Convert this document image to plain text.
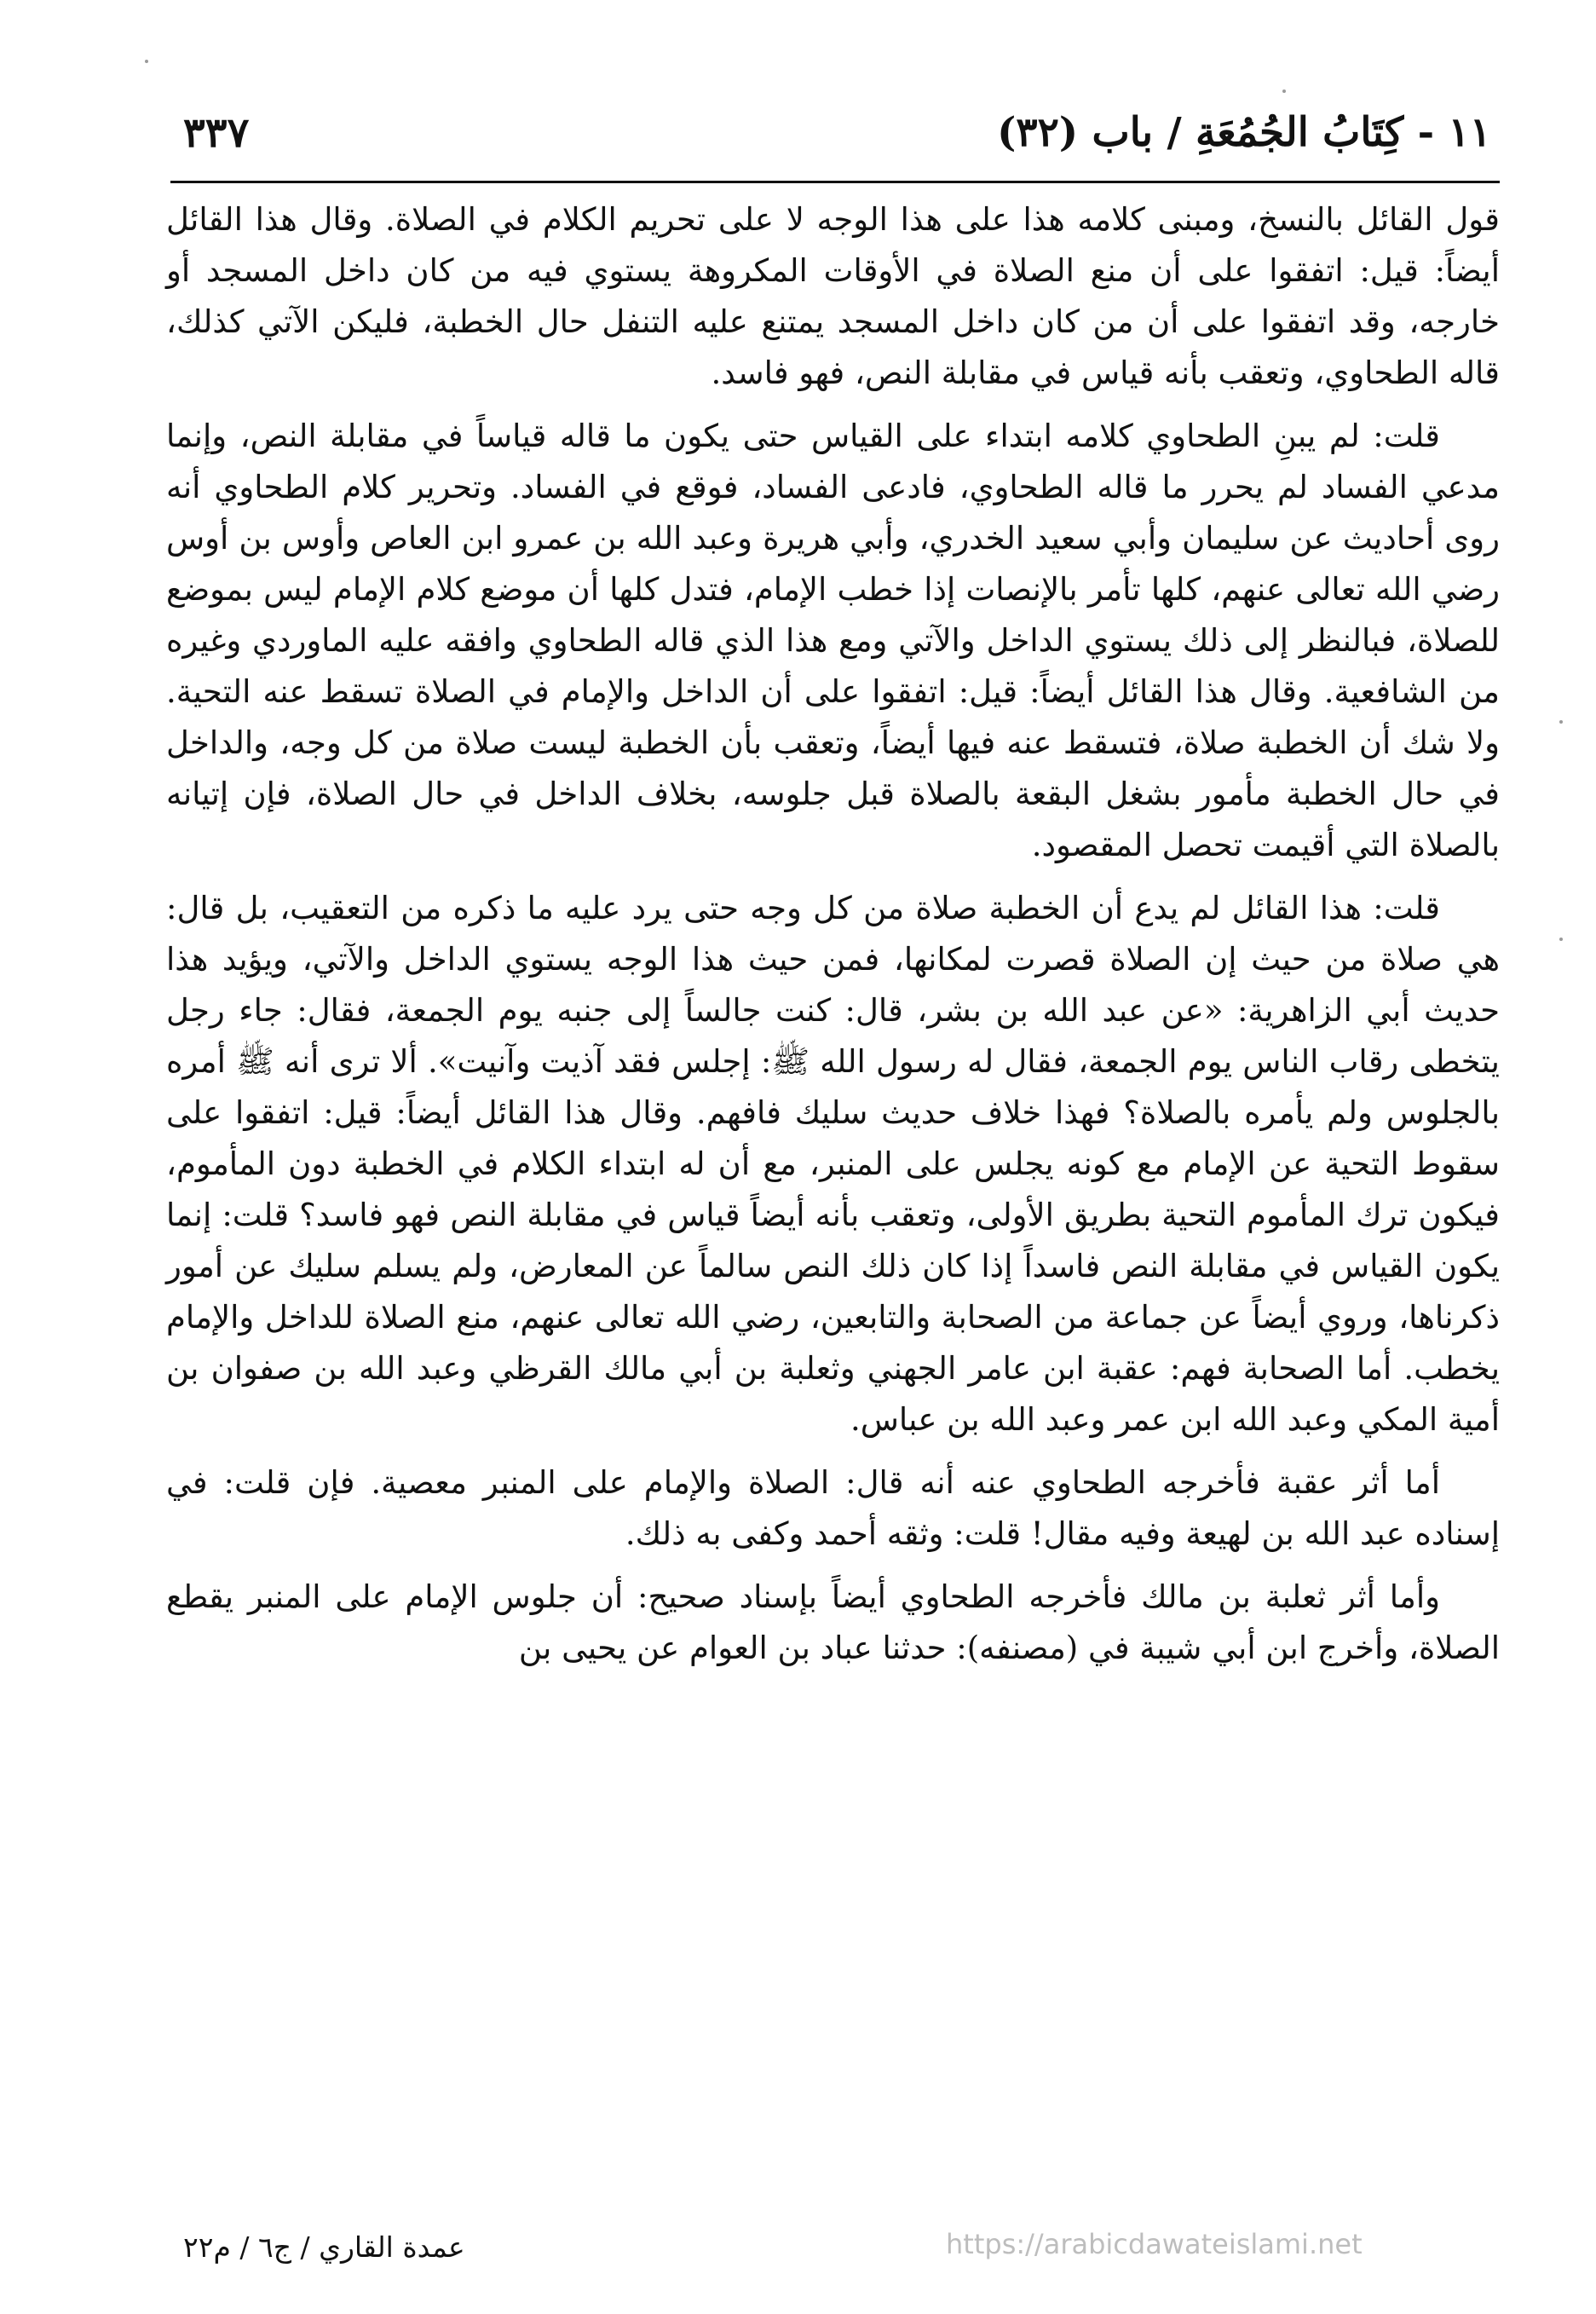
١١ - كِتَابُ الجُمُعَةِ / باب (٣٢)
٣٣٧

قول القائل بالنسخ، ومبنى كلامه هذا على هذا الوجه لا على تحريم الكلام في الصلاة. وقال هذا القائل أيضاً: قيل: اتفقوا على أن منع الصلاة في الأوقات المكروهة يستوي فيه من كان داخل المسجد أو خارجه، وقد اتفقوا على أن من كان داخل المسجد يمتنع عليه التنفل حال الخطبة، فليكن الآتي كذلك، قاله الطحاوي، وتعقب بأنه قياس في مقابلة النص، فهو فاسد.

قلت: لم يبنِ الطحاوي كلامه ابتداء على القياس حتى يكون ما قاله قياساً في مقابلة النص، وإنما مدعي الفساد لم يحرر ما قاله الطحاوي، فادعى الفساد، فوقع في الفساد. وتحرير كلام الطحاوي أنه روى أحاديث عن سليمان وأبي سعيد الخدري، وأبي هريرة وعبد الله بن عمرو ابن العاص وأوس بن أوس رضي الله تعالى عنهم، كلها تأمر بالإنصات إذا خطب الإمام، فتدل كلها أن موضع كلام الإمام ليس بموضع للصلاة، فبالنظر إلى ذلك يستوي الداخل والآتي ومع هذا الذي قاله الطحاوي وافقه عليه الماوردي وغيره من الشافعية. وقال هذا القائل أيضاً: قيل: اتفقوا على أن الداخل والإمام في الصلاة تسقط عنه التحية. ولا شك أن الخطبة صلاة، فتسقط عنه فيها أيضاً، وتعقب بأن الخطبة ليست صلاة من كل وجه، والداخل في حال الخطبة مأمور بشغل البقعة بالصلاة قبل جلوسه، بخلاف الداخل في حال الصلاة، فإن إتيانه بالصلاة التي أقيمت تحصل المقصود.

قلت: هذا القائل لم يدع أن الخطبة صلاة من كل وجه حتى يرد عليه ما ذكره من التعقيب، بل قال: هي صلاة من حيث إن الصلاة قصرت لمكانها، فمن حيث هذا الوجه يستوي الداخل والآتي، ويؤيد هذا حديث أبي الزاهرية: «عن عبد الله بن بشر، قال: كنت جالساً إلى جنبه يوم الجمعة، فقال: جاء رجل يتخطى رقاب الناس يوم الجمعة، فقال له رسول الله ﷺ: إجلس فقد آذيت وآنيت». ألا ترى أنه ﷺ أمره بالجلوس ولم يأمره بالصلاة؟ فهذا خلاف حديث سليك فافهم. وقال هذا القائل أيضاً: قيل: اتفقوا على سقوط التحية عن الإمام مع كونه يجلس على المنبر، مع أن له ابتداء الكلام في الخطبة دون المأموم، فيكون ترك المأموم التحية بطريق الأولى، وتعقب بأنه أيضاً قياس في مقابلة النص فهو فاسد؟ قلت: إنما يكون القياس في مقابلة النص فاسداً إذا كان ذلك النص سالماً عن المعارض، ولم يسلم سليك عن أمور ذكرناها، وروي أيضاً عن جماعة من الصحابة والتابعين، رضي الله تعالى عنهم، منع الصلاة للداخل والإمام يخطب. أما الصحابة فهم: عقبة ابن عامر الجهني وثعلبة بن أبي مالك القرظي وعبد الله بن صفوان بن أمية المكي وعبد الله ابن عمر وعبد الله بن عباس.

أما أثر عقبة فأخرجه الطحاوي عنه أنه قال: الصلاة والإمام على المنبر معصية. فإن قلت: في إسناده عبد الله بن لهيعة وفيه مقال! قلت: وثقه أحمد وكفى به ذلك.

وأما أثر ثعلبة بن مالك فأخرجه الطحاوي أيضاً بإسناد صحيح: أن جلوس الإمام على المنبر يقطع الصلاة، وأخرج ابن أبي شيبة في (مصنفه): حدثنا عباد بن العوام عن يحيى بن

عمدة القاري / ج٦ / م٢٢	https://arabicdawateislami.net
